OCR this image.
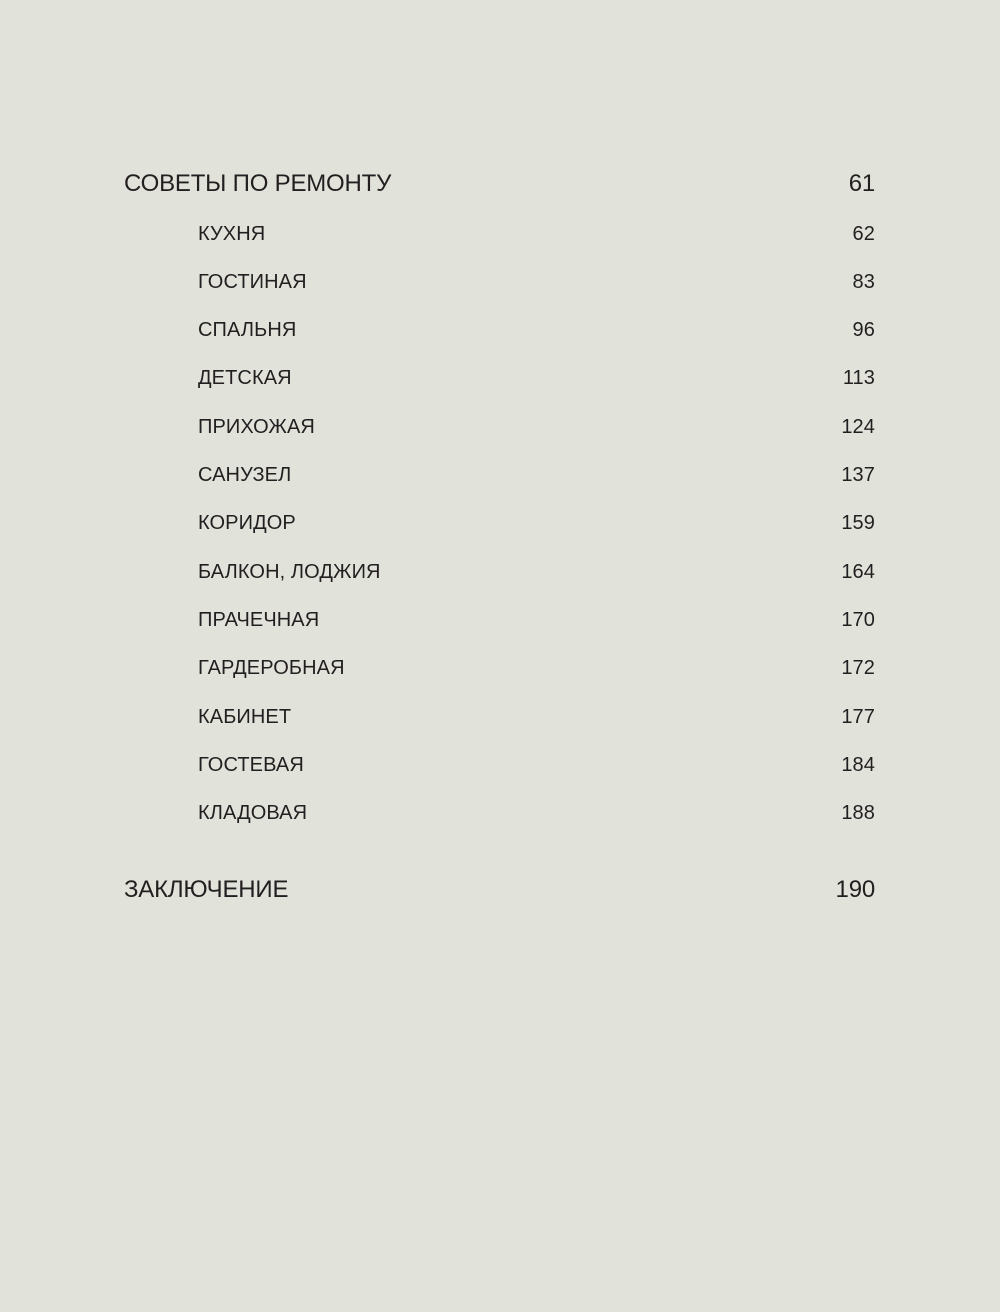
СОВЕТЫ ПО РЕМОНТУ	61
КУХНЯ	62
ГОСТИНАЯ	83
СПАЛЬНЯ	96
ДЕТСКАЯ	113
ПРИХОЖАЯ	124
САНУЗЕЛ	137
КОРИДОР	159
БАЛКОН, ЛОДЖИЯ	164
ПРАЧЕЧНАЯ	170
ГАРДЕРОБНАЯ	172
КАБИНЕТ	177
ГОСТЕВАЯ	184
КЛАДОВАЯ	188
ЗАКЛЮЧЕНИЕ	190
